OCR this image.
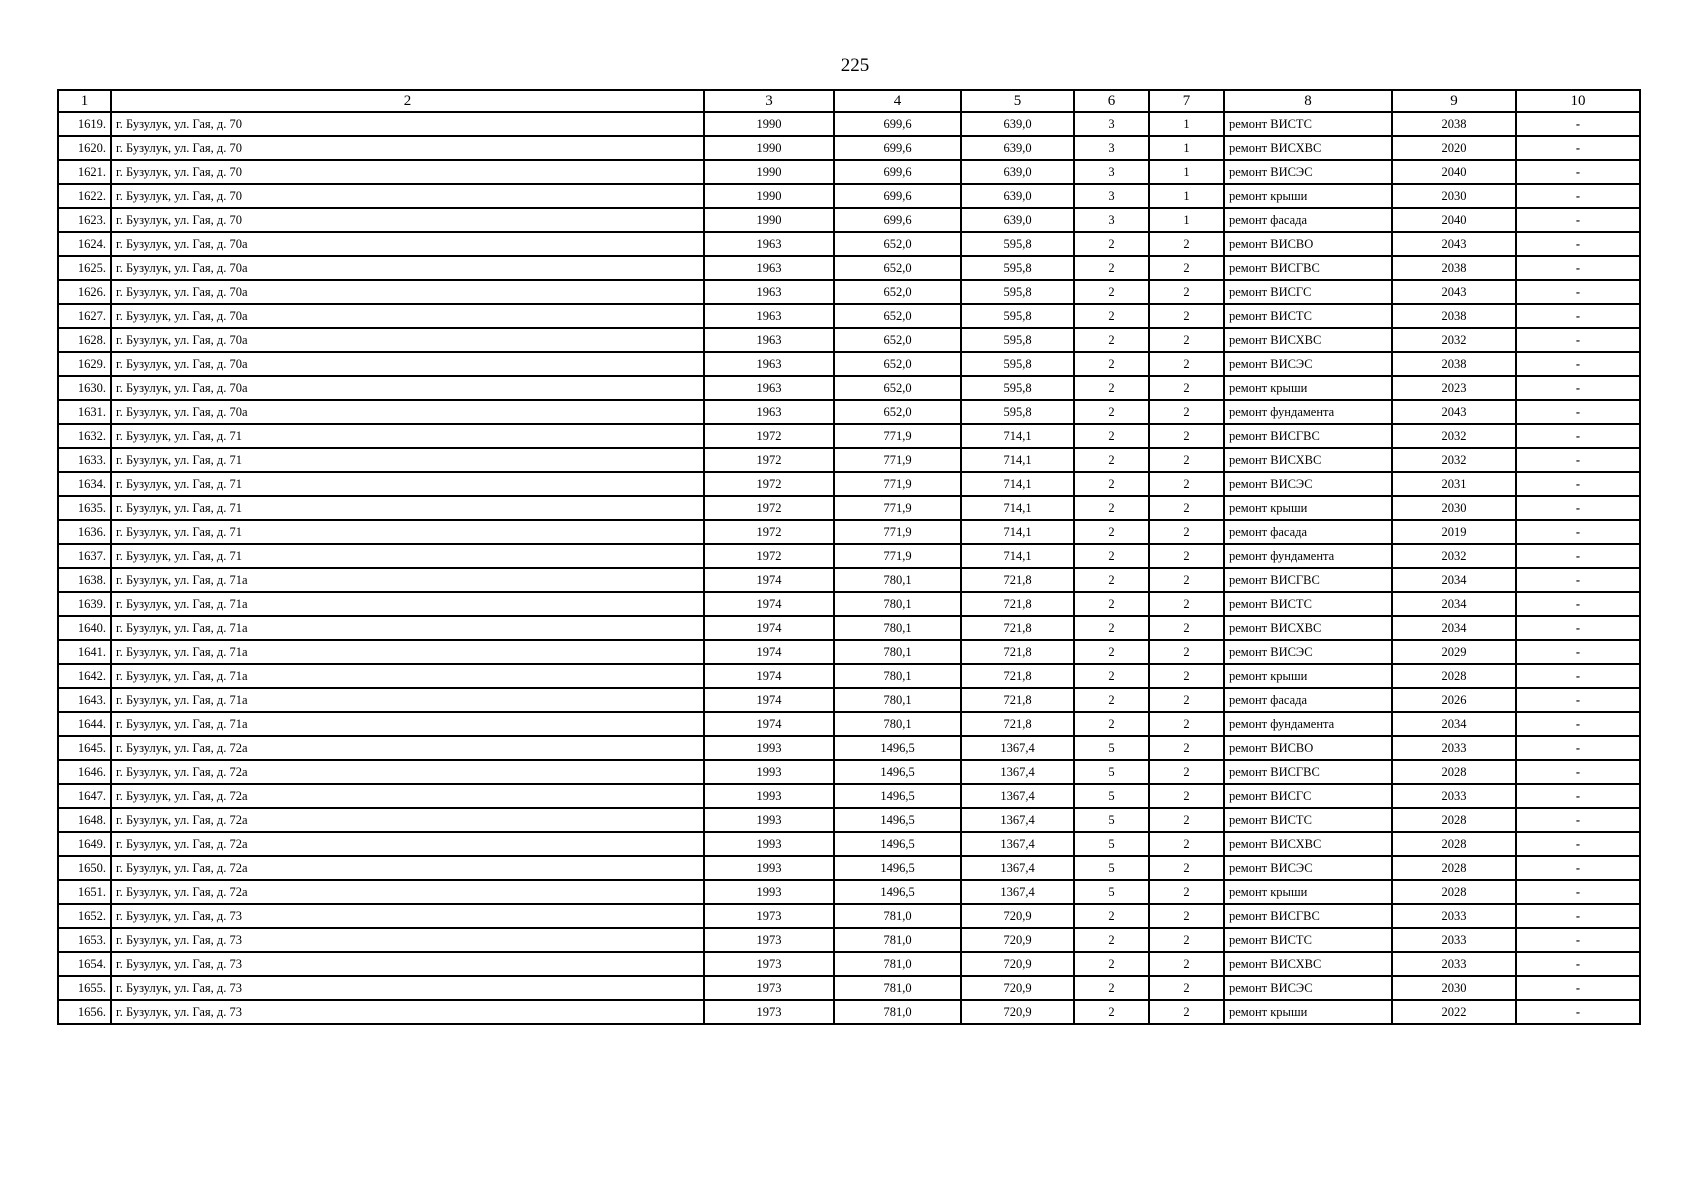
225
1	2	3	4	5	6	7	8	9	10
1619.	г. Бузулук, ул. Гая, д. 70	1990	699,6	639,0	3	1	ремонт ВИСТС	2038	-
1620.	г. Бузулук, ул. Гая, д. 70	1990	699,6	639,0	3	1	ремонт ВИСХВС	2020	-
1621.	г. Бузулук, ул. Гая, д. 70	1990	699,6	639,0	3	1	ремонт ВИСЭС	2040	-
1622.	г. Бузулук, ул. Гая, д. 70	1990	699,6	639,0	3	1	ремонт крыши	2030	-
1623.	г. Бузулук, ул. Гая, д. 70	1990	699,6	639,0	3	1	ремонт фасада	2040	-
1624.	г. Бузулук, ул. Гая, д. 70а	1963	652,0	595,8	2	2	ремонт ВИСВО	2043	-
1625.	г. Бузулук, ул. Гая, д. 70а	1963	652,0	595,8	2	2	ремонт ВИСГВС	2038	-
1626.	г. Бузулук, ул. Гая, д. 70а	1963	652,0	595,8	2	2	ремонт ВИСГС	2043	-
1627.	г. Бузулук, ул. Гая, д. 70а	1963	652,0	595,8	2	2	ремонт ВИСТС	2038	-
1628.	г. Бузулук, ул. Гая, д. 70а	1963	652,0	595,8	2	2	ремонт ВИСХВС	2032	-
1629.	г. Бузулук, ул. Гая, д. 70а	1963	652,0	595,8	2	2	ремонт ВИСЭС	2038	-
1630.	г. Бузулук, ул. Гая, д. 70а	1963	652,0	595,8	2	2	ремонт крыши	2023	-
1631.	г. Бузулук, ул. Гая, д. 70а	1963	652,0	595,8	2	2	ремонт фундамента	2043	-
1632.	г. Бузулук, ул. Гая, д. 71	1972	771,9	714,1	2	2	ремонт ВИСГВС	2032	-
1633.	г. Бузулук, ул. Гая, д. 71	1972	771,9	714,1	2	2	ремонт ВИСХВС	2032	-
1634.	г. Бузулук, ул. Гая, д. 71	1972	771,9	714,1	2	2	ремонт ВИСЭС	2031	-
1635.	г. Бузулук, ул. Гая, д. 71	1972	771,9	714,1	2	2	ремонт крыши	2030	-
1636.	г. Бузулук, ул. Гая, д. 71	1972	771,9	714,1	2	2	ремонт фасада	2019	-
1637.	г. Бузулук, ул. Гая, д. 71	1972	771,9	714,1	2	2	ремонт фундамента	2032	-
1638.	г. Бузулук, ул. Гая, д. 71а	1974	780,1	721,8	2	2	ремонт ВИСГВС	2034	-
1639.	г. Бузулук, ул. Гая, д. 71а	1974	780,1	721,8	2	2	ремонт ВИСТС	2034	-
1640.	г. Бузулук, ул. Гая, д. 71а	1974	780,1	721,8	2	2	ремонт ВИСХВС	2034	-
1641.	г. Бузулук, ул. Гая, д. 71а	1974	780,1	721,8	2	2	ремонт ВИСЭС	2029	-
1642.	г. Бузулук, ул. Гая, д. 71а	1974	780,1	721,8	2	2	ремонт крыши	2028	-
1643.	г. Бузулук, ул. Гая, д. 71а	1974	780,1	721,8	2	2	ремонт фасада	2026	-
1644.	г. Бузулук, ул. Гая, д. 71а	1974	780,1	721,8	2	2	ремонт фундамента	2034	-
1645.	г. Бузулук, ул. Гая, д. 72а	1993	1496,5	1367,4	5	2	ремонт ВИСВО	2033	-
1646.	г. Бузулук, ул. Гая, д. 72а	1993	1496,5	1367,4	5	2	ремонт ВИСГВС	2028	-
1647.	г. Бузулук, ул. Гая, д. 72а	1993	1496,5	1367,4	5	2	ремонт ВИСГС	2033	-
1648.	г. Бузулук, ул. Гая, д. 72а	1993	1496,5	1367,4	5	2	ремонт ВИСТС	2028	-
1649.	г. Бузулук, ул. Гая, д. 72а	1993	1496,5	1367,4	5	2	ремонт ВИСХВС	2028	-
1650.	г. Бузулук, ул. Гая, д. 72а	1993	1496,5	1367,4	5	2	ремонт ВИСЭС	2028	-
1651.	г. Бузулук, ул. Гая, д. 72а	1993	1496,5	1367,4	5	2	ремонт крыши	2028	-
1652.	г. Бузулук, ул. Гая, д. 73	1973	781,0	720,9	2	2	ремонт ВИСГВС	2033	-
1653.	г. Бузулук, ул. Гая, д. 73	1973	781,0	720,9	2	2	ремонт ВИСТС	2033	-
1654.	г. Бузулук, ул. Гая, д. 73	1973	781,0	720,9	2	2	ремонт ВИСХВС	2033	-
1655.	г. Бузулук, ул. Гая, д. 73	1973	781,0	720,9	2	2	ремонт ВИСЭС	2030	-
1656.	г. Бузулук, ул. Гая, д. 73	1973	781,0	720,9	2	2	ремонт крыши	2022	-
